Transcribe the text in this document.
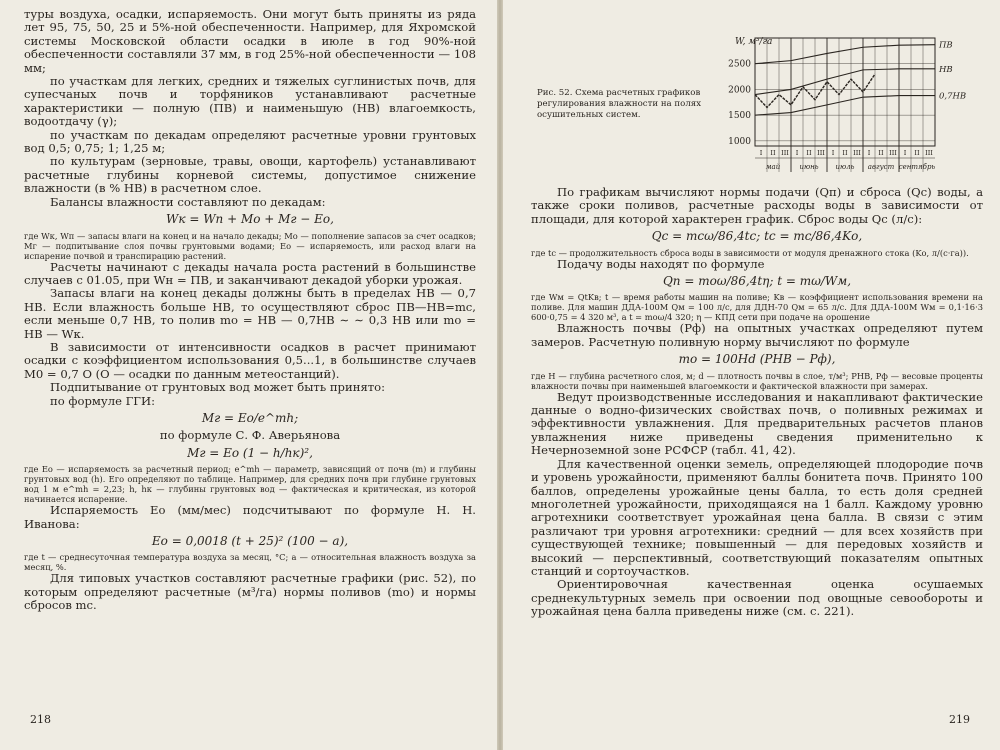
туры воздуха, осадки, испаряемость. Они могут быть приняты из ряда лет 95, 75, 50, 25 и 5%-ной обеспеченности. Например, для Яхромской системы Московской области осадки в июле в год 90%-ной обеспеченности составляли 37 мм, в год 25%-ной обеспеченности — 108 мм;

по участкам для легких, средних и тяжелых суглинистых почв, для супесчаных почв и торфяников устанавливают расчетные характеристики — полную (ПВ) и наименьшую (НВ) влагоемкость, водоотдачу (γ);

по участкам по декадам определяют расчетные уровни грунтовых вод 0,5; 0,75; 1; 1,25 м;

по культурам (зерновые, травы, овощи, картофель) устанавливают расчетные глубины корневой системы, допустимое снижение влажности (в % НВ) в расчетном слое.

Балансы влажности составляют по декадам:

Wк = Wп + Mо + Mг − Eо,

где Wк, Wп — запасы влаги на конец и на начало декады; Mо — пополнение запасов за счет осадков; Mг — подпитывание слоя почвы грунтовыми водами; Eо — испаряемость, или расход влаги на испарение почвой и транспирацию растений.

Расчеты начинают с декады начала роста растений в большинстве случаев с 01.05, при Wн = ПВ, и заканчивают декадой уборки урожая.

Запасы влаги на конец декады должны быть в пределах НВ — 0,7 НВ. Если влажность больше НВ, то осуществляют сброс ПВ—НВ=mс, если меньше 0,7 НВ, то полив mо = НВ — 0,7НВ ∼ ∼ 0,3 НВ или mо = НВ — Wк.

В зависимости от интенсивности осадков в расчет принимают осадки с коэффициентом использования 0,5...1, в большинстве случаев M0 = 0,7 O (O — осадки по данным метеостанций).

Подпитывание от грунтовых вод может быть принято:

по формуле ГГИ:

Mг = Eо/e^mh;

по формуле С. Ф. Аверьянова

Mг = Eо (1 − h/hк)²,

где Eо — испаряемость за расчетный период; e^mh — параметр, зависящий от почв (m) и глубины грунтовых вод (h). Его определяют по таблице. Например, для средних почв при глубине грунтовых вод 1 м e^mh = 2,23; h, hк — глубины грунтовых вод — фактическая и критическая, из которой начинается испарение.

Испаряемость Eо (мм/мес) подсчитывают по формуле Н. Н. Иванова:

Eо = 0,0018 (t + 25)² (100 − a),

где t — среднесуточная температура воздуха за месяц, °C; a — относительная влажность воздуха за месяц, %.

Для типовых участков составляют расчетные графики (рис. 52), по которым определяют расчетные (м³/га) нормы поливов (mо) и нормы сбросов mс.

218
Рис. 52. Схема расчетных графиков регулирования влажности на полях осушительных систем.
1000
1500
2000
2500
W, м³/га
I II III I II III I II III I II III I II III
май	июнь июль август сентябрь
ПВ
НВ
0,7НВ

По графикам вычисляют нормы подачи (Qп) и сброса (Qс) воды, а также сроки поливов, расчетные расходы воды в зависимости от площади, для которой характерен график. Сброс воды Qс (л/с):

Qс = mсω/86,4tс; tс = mс/86,4Kо,

где tс — продолжительность сброса воды в зависимости от модуля дренажного стока (Kо, л/(с·га)).

Подачу воды находят по формуле

Qп = mоω/86,4tη; t = mω/Wм,

где Wм = QtKв; t — время работы машин на поливе; Kв — коэффициент использования времени на поливе. Для машин ДДА-100М Qм = 100 л/с, для ДДН-70 Qм = 65 л/с. Для ДДА-100М Wм = 0,1·16·3 600·0,75 = 4 320 м³, а t = mоω/4 320; η — КПД сети при подаче на орошение

Влажность почвы (Pф) на опытных участках определяют путем замеров. Расчетную поливную норму вычисляют по формуле

mо = 100Hd (PНВ − Pф),

где H — глубина расчетного слоя, м; d — плотность почвы в слое, т/м³; PНВ, Pф — весовые проценты влажности почвы при наименьшей влагоемкости и фактической влажности при замерах.

Ведут производственные исследования и накапливают фактические данные о водно-физических свойствах почв, о поливных режимах и эффективности увлажнения. Для предварительных расчетов планов увлажнения ниже приведены сведения применительно к Нечерноземной зоне РСФСР (табл. 41, 42).

Для качественной оценки земель, определяющей плодородие почв и уровень урожайности, применяют баллы бонитета почв. Принято 100 баллов, определены урожайные цены балла, то есть доля средней многолетней урожайности, приходящаяся на 1 балл. Каждому уровню агротехники соответствует урожайная цена балла. В связи с этим различают три уровня агротехники: средний — для всех хозяйств при существующей технике; повышенный — для передовых хозяйств и высокий — перспективный, соответствующий показателям опытных станций и сортоучастков.

Ориентировочная качественная оценка осушаемых среднекультурных земель при освоении под овощные севообороты и урожайная цена балла приведены ниже (см. с. 221).

219
